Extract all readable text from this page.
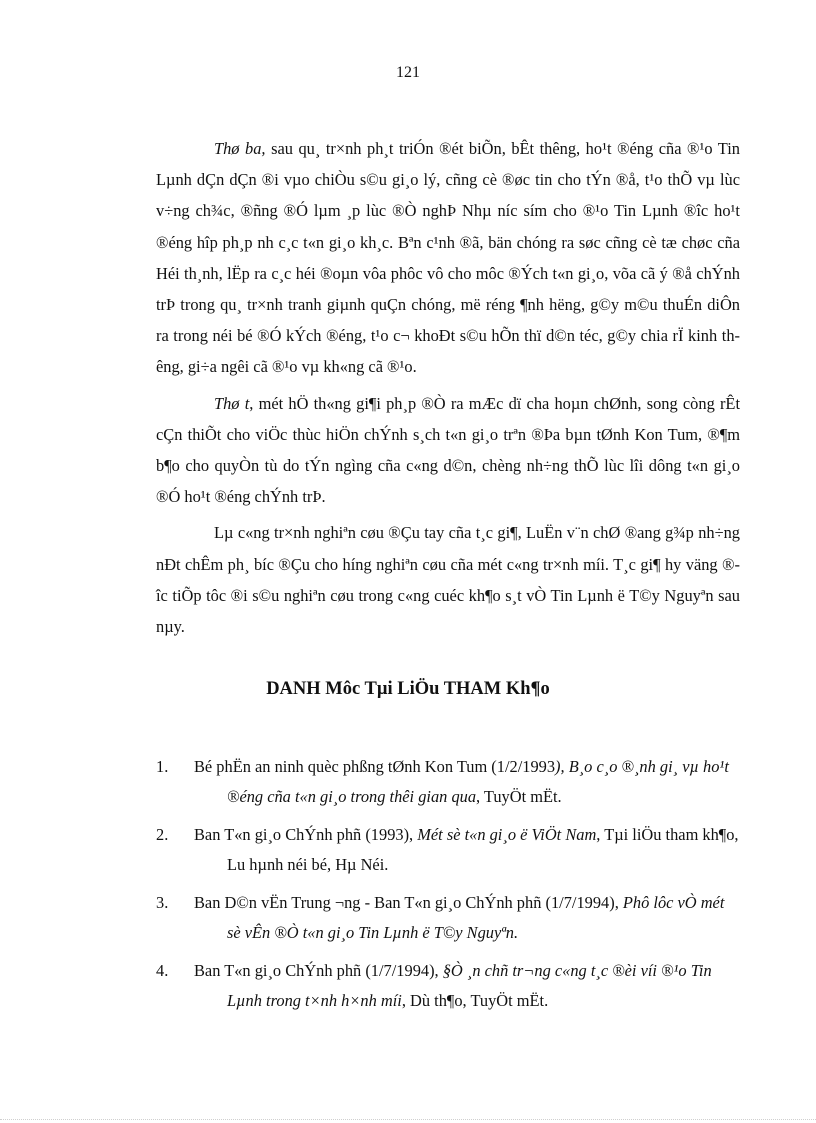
121

Thø ba, sau qu¸ tr×nh ph¸t triÓn ®ét biÕn, bÊt thêng, ho¹t ®éng cña ®¹o Tin Lµnh dÇn dÇn ®i vµo chiÒu s©u gi¸o lý, cñng cè ®øc tin cho tÝn ®å, t¹o thÕ vµ lùc v÷ng ch¾c, ®ñng ®Ó lµm ¸p lùc ®Ò nghÞ Nhµ níc sím cho ®¹o Tin Lµnh ®îc ho¹t ®éng hîp ph¸p nh c¸c t«n gi¸o kh¸c. Bªn c¹nh ®ã, bän chóng ra søc cñng cè tæ chøc cña Héi th¸nh, lËp ra c¸c héi ®oµn vôa phôc vô cho môc ®Ých t«n gi¸o, võa cã ý ®å chÝnh trÞ trong qu¸ tr×nh tranh giµnh quÇn chóng, më réng ¶nh hëng, g©y m©u thuÉn diÔn ra trong néi bé ®Ó kÝch ®éng, t¹o c¬ khoÐt s©u hÕn thï d©n téc, g©y chia rÏ kinh thêng, gi÷a ngêi cã ®¹o vµ kh«ng cã ®¹o.

Thø t, mét hÖ th«ng gi¶i ph¸p ®Ò ra mÆc dï cha hoµn chØnh, song còng rÊt cÇn thiÕt cho viÖc thùc hiÖn chÝnh s¸ch t«n gi¸o trªn ®Þa bµn tØnh Kon Tum, ®¶m b¶o cho quyÒn tù do tÝn ngìng cña c«ng d©n, chèng nh÷ng thÕ lùc lîi dông t«n gi¸o ®Ó ho¹t ®éng chÝnh trÞ.

Lµ c«ng tr×nh nghiªn cøu ®Çu tay cña t¸c gi¶, LuËn v¨n chØ ®ang g¾p nh÷ng nÐt chÊm ph¸ bíc ®Çu cho híng nghiªn cøu cña mét c«ng tr×nh míi. T¸c gi¶ hy väng ®îc tiÕp tôc ®i s©u nghiªn cøu trong c«ng cuéc kh¶o s¸t vÒ Tin Lµnh ë T©y Nguyªn sau nµy.

DANH Môc Tµi LiÖu THAM Kh¶o
1. Bé phËn an ninh quèc phßng tØnh Kon Tum (1/2/1993), B¸o c¸o ®¸nh gi¸ vµ ho¹t ®éng cña t«n gi¸o trong thêi gian qua, TuyÖt mËt.
2. Ban T«n gi¸o ChÝnh phñ (1993), Mét sè t«n gi¸o ë ViÖt Nam, Tµi liÖu tham kh¶o, Lu hµnh néi bé, Hµ Néi.
3. Ban D©n vËn Trung ¬ng - Ban T«n gi¸o ChÝnh phñ (1/7/1994), Phô lôc vÒ mét sè vÊn ®Ò t«n gi¸o Tin Lµnh ë T©y Nguyªn.
4. Ban T«n gi¸o ChÝnh phñ (1/7/1994), §Ò ¸n chñ tr¬ng c«ng t¸c ®èi víi ®¹o Tin Lµnh trong t×nh h×nh míi, Dù th¶o, TuyÖt mËt.
